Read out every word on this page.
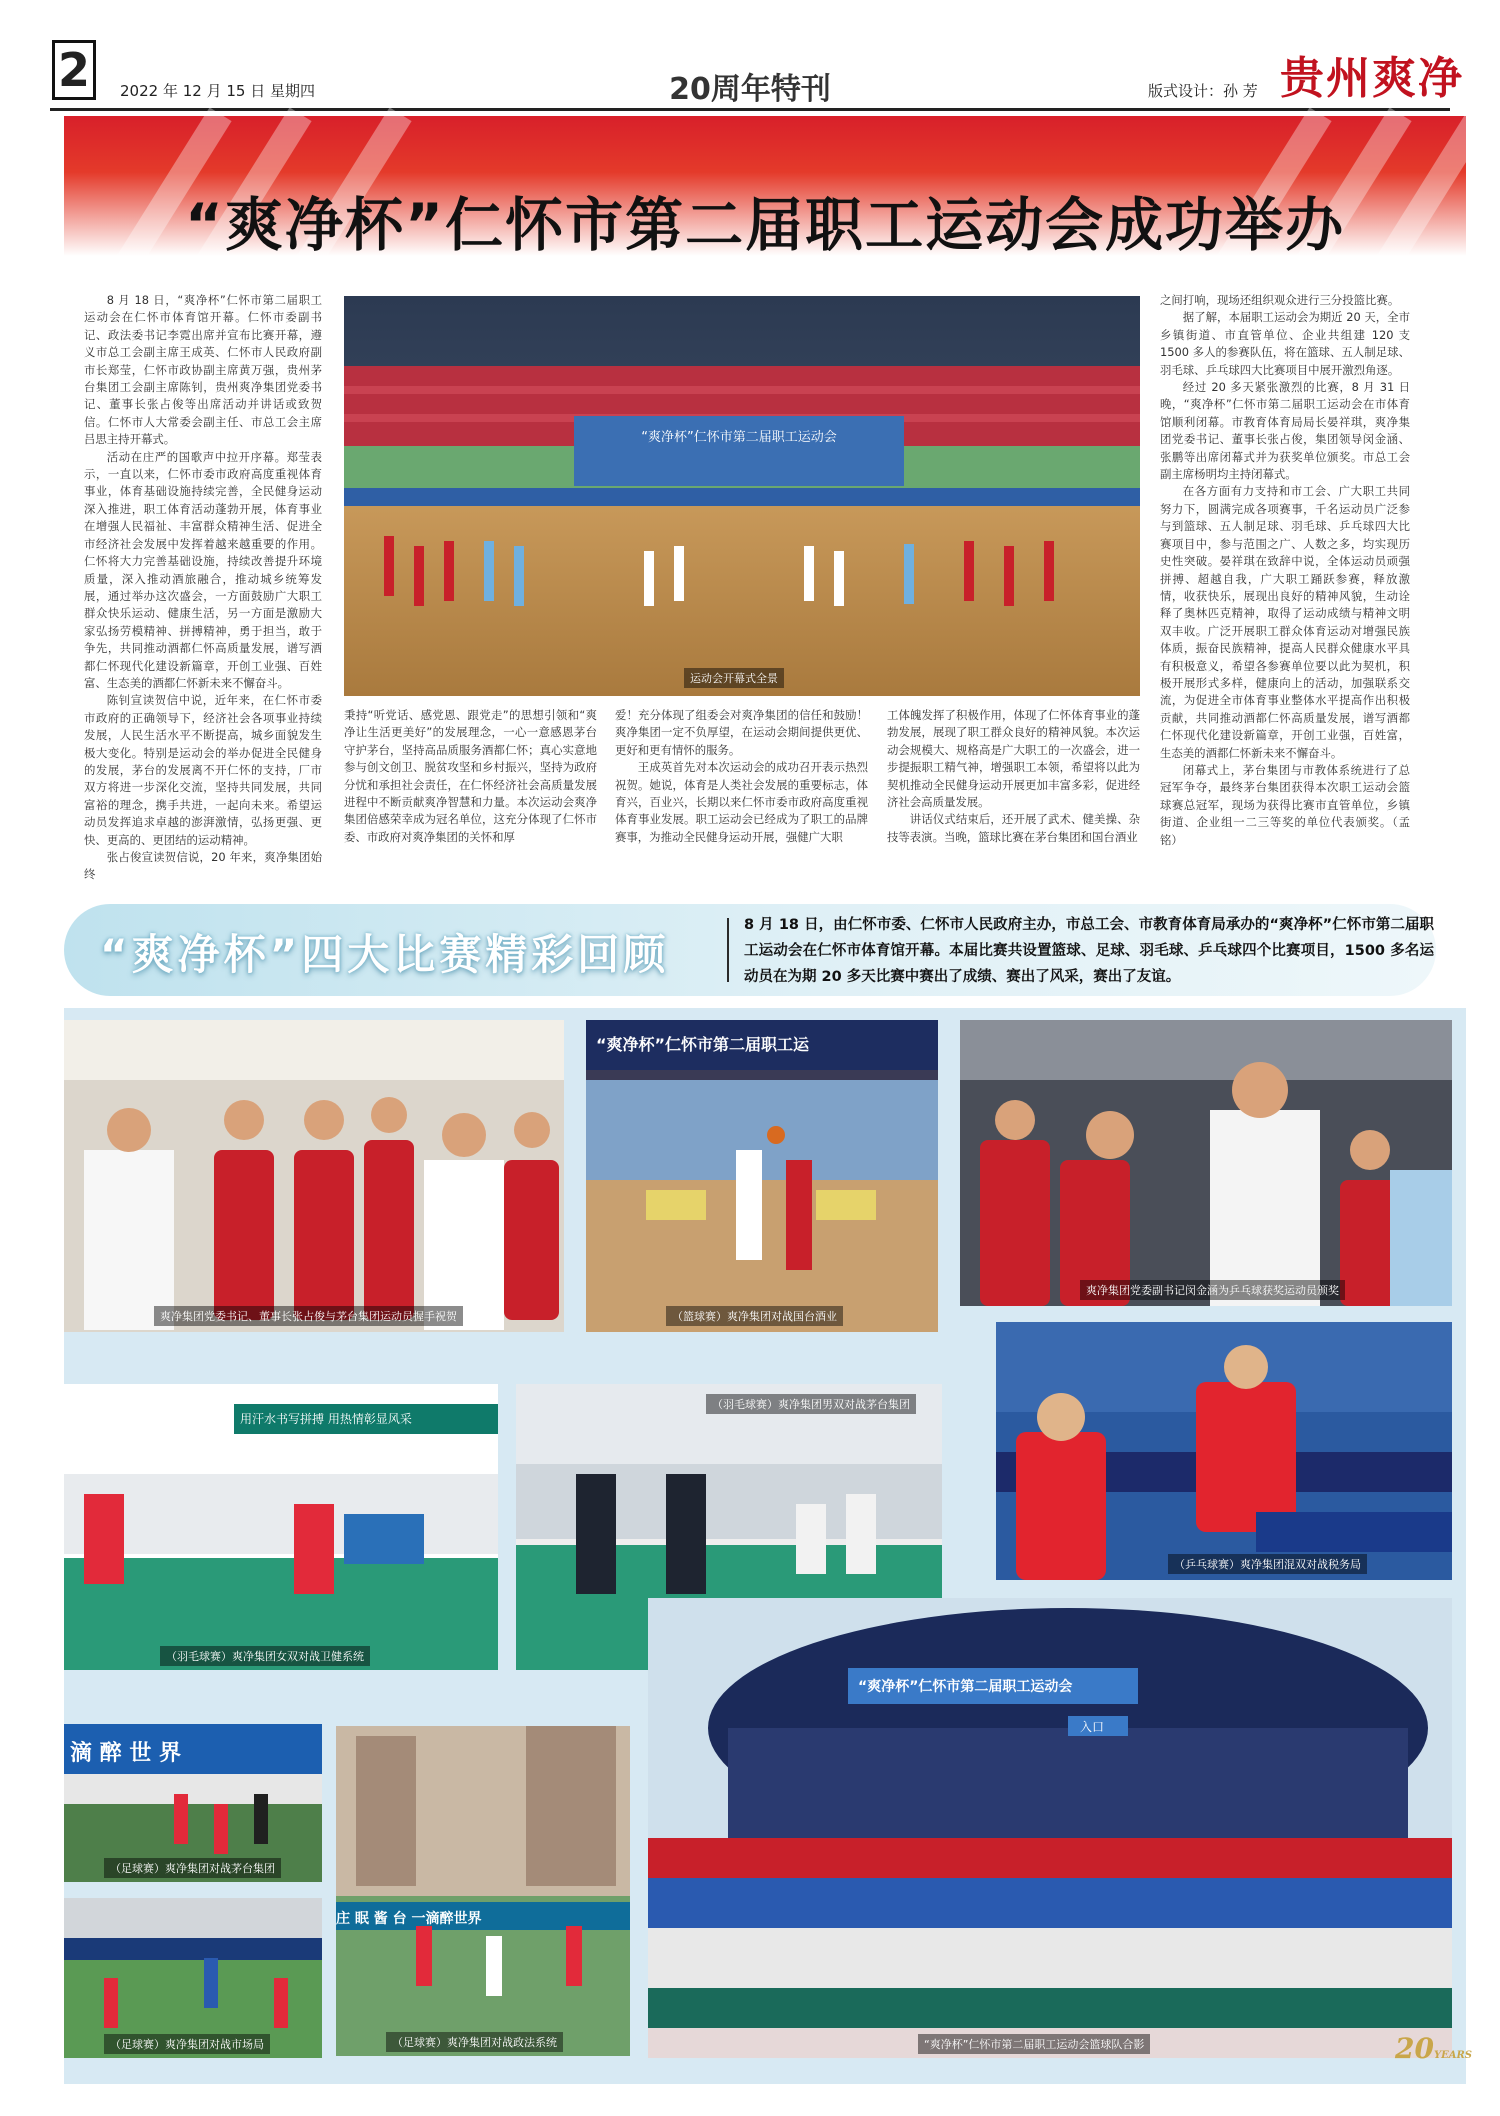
2	2022 年 12 月 15 日 星期四	20周年特刊	版式设计：孙 芳 贵州爽净
“爽净杯”仁怀市第二届职工运动会成功举办

8 月 18 日，“爽净杯”仁怀市第二届职工运动会在仁怀市体育馆开幕。仁怀市委副书记、政法委书记李霓出席并宣布比赛开幕，遵义市总工会副主席王成英、仁怀市人民政府副市长郑莹，仁怀市政协副主席黄万强，贵州茅台集团工会副主席陈钊，贵州爽净集团党委书记、董事长张占俊等出席活动并讲话或致贺信。仁怀市人大常委会副主任、市总工会主席吕思主持开幕式。

活动在庄严的国歌声中拉开序幕。郑莹表示，一直以来，仁怀市委市政府高度重视体育事业，体育基础设施持续完善，全民健身运动深入推进，职工体育活动蓬勃开展，体育事业在增强人民福祉、丰富群众精神生活、促进全市经济社会发展中发挥着越来越重要的作用。仁怀将大力完善基础设施，持续改善提升环境质量，深入推动酒旅融合，推动城乡统筹发展，通过举办这次盛会，一方面鼓励广大职工群众快乐运动、健康生活，另一方面是激励大家弘扬劳模精神、拼搏精神，勇于担当，敢于争先，共同推动酒都仁怀高质量发展，谱写酒都仁怀现代化建设新篇章，开创工业强、百姓富、生态美的酒都仁怀新未来不懈奋斗。

陈钊宣读贺信中说，近年来，在仁怀市委市政府的正确领导下，经济社会各项事业持续发展，人民生活水平不断提高，城乡面貌发生极大变化。特别是运动会的举办促进全民健身的发展，茅台的发展离不开仁怀的支持，厂市双方将进一步深化交流，坚持共同发展，共同富裕的理念，携手共进，一起向未来。希望运动员发挥追求卓越的澎湃激情，弘扬更强、更快、更高的、更团结的运动精神。

张占俊宣读贺信说，20 年来，爽净集团始终

“爽净杯”仁怀市第二届职工运动会
运动会开幕式全景

秉持“听党话、感党恩、跟党走”的思想引领和“爽净让生活更美好”的发展理念，一心一意感恩茅台守护茅台，坚持高品质服务酒都仁怀；真心实意地参与创文创卫、脱贫攻坚和乡村振兴，坚持为政府分忧和承担社会责任，在仁怀经济社会高质量发展进程中不断贡献爽净智慧和力量。本次运动会爽净集团倍感荣幸成为冠名单位，这充分体现了仁怀市委、市政府对爽净集团的关怀和厚

爱！充分体现了组委会对爽净集团的信任和鼓励！爽净集团一定不负厚望，在运动会期间提供更优、更好和更有情怀的服务。

王成英首先对本次运动会的成功召开表示热烈祝贺。她说，体育是人类社会发展的重要标志，体育兴，百业兴，长期以来仁怀市委市政府高度重视体育事业发展。职工运动会已经成为了职工的品牌赛事，为推动全民健身运动开展，强健广大职

工体魄发挥了积极作用，体现了仁怀体育事业的蓬勃发展，展现了职工群众良好的精神风貌。本次运动会规模大、规格高是广大职工的一次盛会，进一步提振职工精气神，增强职工本领，希望将以此为契机推动全民健身运动开展更加丰富多彩，促进经济社会高质量发展。

讲话仪式结束后，还开展了武术、健美操、杂技等表演。当晚，篮球比赛在茅台集团和国台酒业

之间打响，现场还组织观众进行三分投篮比赛。

据了解，本届职工运动会为期近 20 天，全市乡镇街道、市直管单位、企业共组建 120 支 1500 多人的参赛队伍，将在篮球、五人制足球、羽毛球、乒乓球四大比赛项目中展开激烈角逐。

经过 20 多天紧张激烈的比赛，8 月 31 日晚，“爽净杯”仁怀市第二届职工运动会在市体育馆顺利闭幕。市教育体育局局长晏祥琪，爽净集团党委书记、董事长张占俊，集团领导闵金涵、张鹏等出席闭幕式并为获奖单位颁奖。市总工会副主席杨明均主持闭幕式。

在各方面有力支持和市工会、广大职工共同努力下，圆满完成各项赛事，千名运动员广泛参与到篮球、五人制足球、羽毛球、乒乓球四大比赛项目中，参与范围之广、人数之多，均实现历史性突破。晏祥琪在致辞中说，全体运动员顽强拼搏、超越自我，广大职工踊跃参赛，释放激情，收获快乐，展现出良好的精神风貌，生动诠释了奥林匹克精神，取得了运动成绩与精神文明双丰收。广泛开展职工群众体育运动对增强民族体质，振奋民族精神，提高人民群众健康水平具有积极意义，希望各参赛单位要以此为契机，积极开展形式多样，健康向上的活动，加强联系交流，为促进全市体育事业整体水平提高作出积极贡献，共同推动酒都仁怀高质量发展，谱写酒都仁怀现代化建设新篇章，开创工业强，百姓富，生态美的酒都仁怀新未来不懈奋斗。

闭幕式上，茅台集团与市教体系统进行了总冠军争夺，最终茅台集团获得本次职工运动会篮球赛总冠军，现场为获得比赛市直管单位，乡镇街道、企业组一二三等奖的单位代表颁奖。（孟铭）

“爽净杯”四大比赛精彩回顾
8 月 18 日，由仁怀市委、仁怀市人民政府主办，市总工会、市教育体育局承办的“爽净杯”仁怀市第二届职工运动会在仁怀市体育馆开幕。本届比赛共设置篮球、足球、羽毛球、乒乓球四个比赛项目，1500 多名运动员在为期 20 多天比赛中赛出了成绩、赛出了风采，赛出了友谊。
爽净集团党委书记、董事长张占俊与茅台集团运动员握手祝贺
“爽净杯”仁怀市第二届职工运
（篮球赛）爽净集团对战国台酒业
爽净集团党委副书记闵金涵为乒乓球获奖运动员颁奖
用汗水书写拼搏 用热情彰显风采
（羽毛球赛）爽净集团女双对战卫健系统
（羽毛球赛）爽净集团男双对战茅台集团
（乒乓球赛）爽净集团混双对战税务局
滴 醉 世 界
（足球赛）爽净集团对战茅台集团
（足球赛）爽净集团对战市场局
庄 眠 酱 台 一滴醉世界
（足球赛）爽净集团对战政法系统
“爽净杯”仁怀市第二届职工运动会
入口
“爽净杯”仁怀市第二届职工运动会篮球队合影	20YEARS
